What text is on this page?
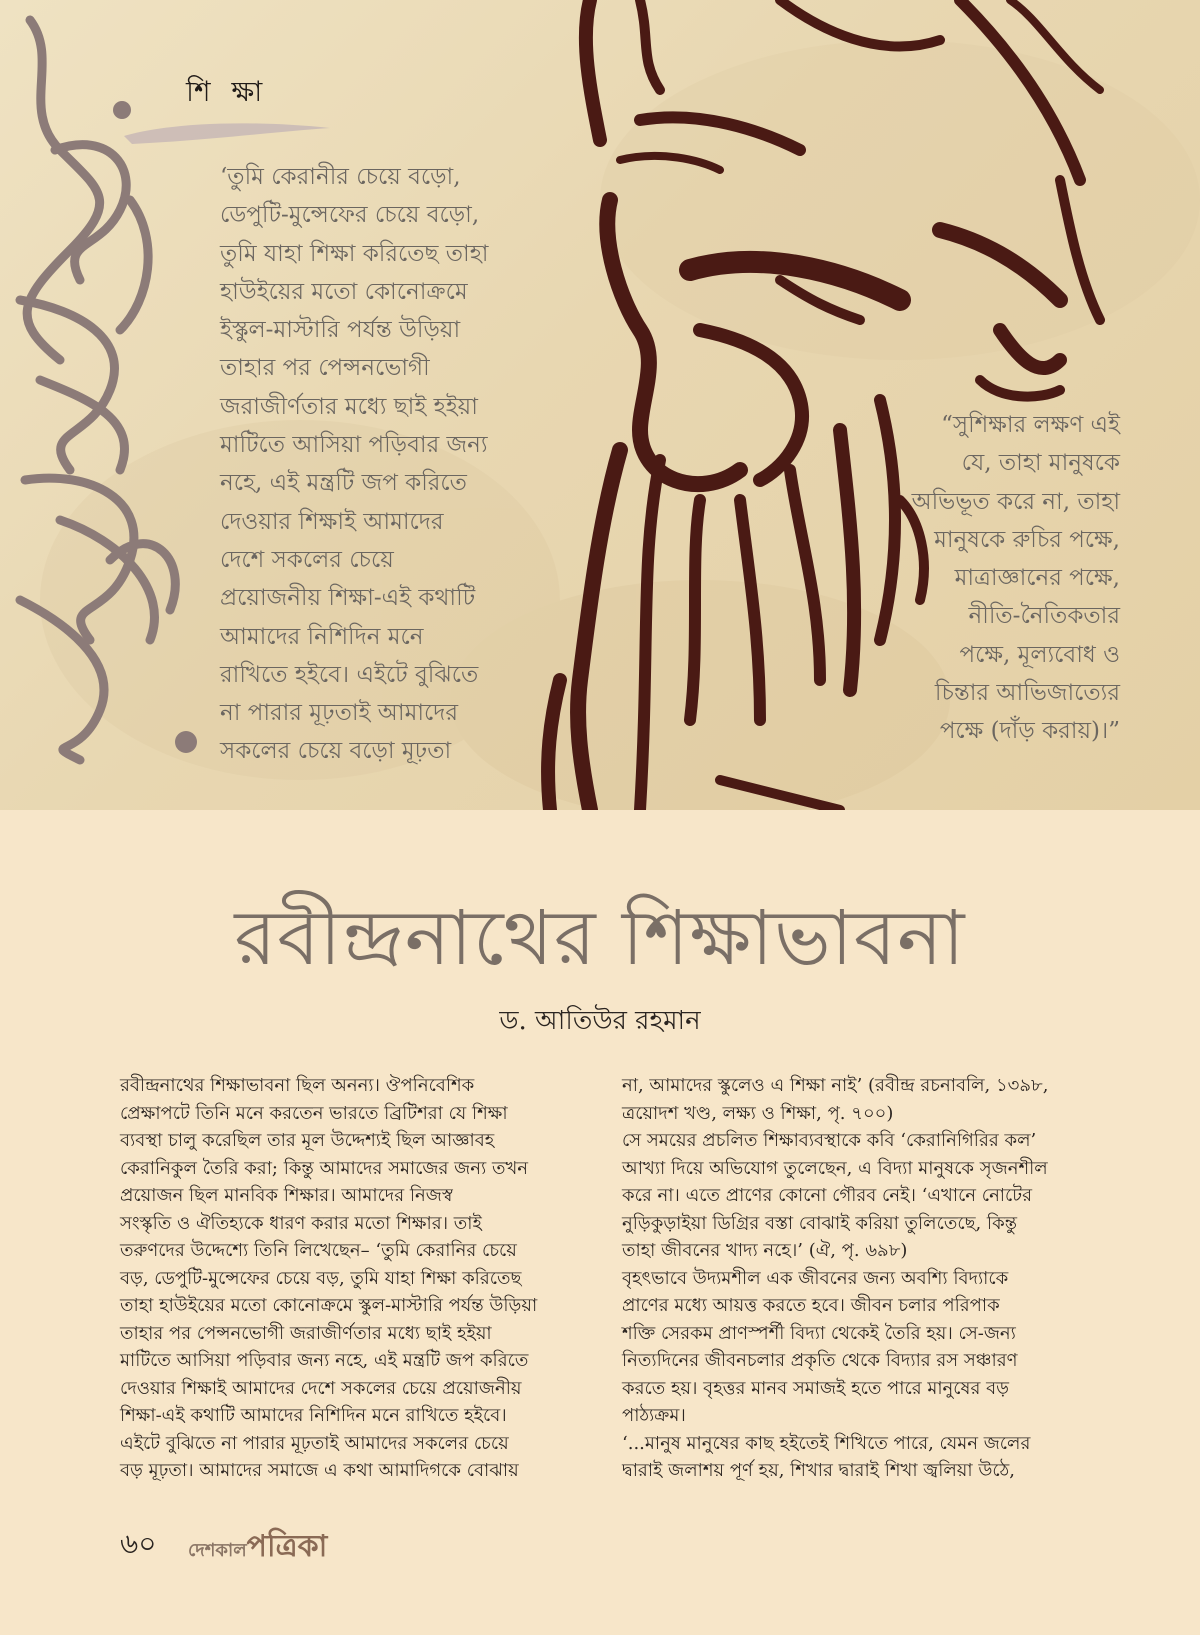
শি ক্ষা
‘তুমি কেরানীর চেয়ে বড়ো,
ডেপুটি-মুন্সেফের চেয়ে বড়ো,
তুমি যাহা শিক্ষা করিতেছ তাহা
হাউইয়ের মতো কোনোক্রমে
ইস্কুল-মাস্টারি পর্যন্ত উড়িয়া
তাহার পর পেন্সনভোগী
জরাজীর্ণতার মধ্যে ছাই হইয়া
মাটিতে আসিয়া পড়িবার জন্য
নহে, এই মন্ত্রটি জপ করিতে
দেওয়ার শিক্ষাই আমাদের
দেশে সকলের চেয়ে
প্রয়োজনীয় শিক্ষা-এই কথাটি
আমাদের নিশিদিন মনে
রাখিতে হইবে। এইটে বুঝিতে
না পারার মূঢ়তাই আমাদের
সকলের চেয়ে বড়ো মূঢ়তা
“সুশিক্ষার লক্ষণ এই
যে, তাহা মানুষকে
অভিভূত করে না, তাহা
মানুষকে রুচির পক্ষে,
মাত্রাজ্ঞানের পক্ষে,
নীতি-নৈতিকতার
পক্ষে, মূল্যবোধ ও
চিন্তার আভিজাত্যের
পক্ষে (দাঁড় করায়)।”
রবীন্দ্রনাথের শিক্ষাভাবনা
ড. আতিউর রহমান
রবীন্দ্রনাথের শিক্ষাভাবনা ছিল অনন্য। ঔপনিবেশিক
প্রেক্ষাপটে তিনি মনে করতেন ভারতে ব্রিটিশরা যে শিক্ষা
ব্যবস্থা চালু করেছিল তার মূল উদ্দেশ্যই ছিল আজ্ঞাবহ
কেরানিকুল তৈরি করা; কিন্তু আমাদের সমাজের জন্য তখন
প্রয়োজন ছিল মানবিক শিক্ষার। আমাদের নিজস্ব
সংস্কৃতি ও ঐতিহ্যকে ধারণ করার মতো শিক্ষার। তাই
তরুণদের উদ্দেশ্যে তিনি লিখেছেন– ‘তুমি কেরানির চেয়ে
বড়, ডেপুটি-মুন্সেফের চেয়ে বড়, তুমি যাহা শিক্ষা করিতেছ
তাহা হাউইয়ের মতো কোনোক্রমে স্কুল-মাস্টারি পর্যন্ত উড়িয়া
তাহার পর পেন্সনভোগী জরাজীর্ণতার মধ্যে ছাই হইয়া
মাটিতে আসিয়া পড়িবার জন্য নহে, এই মন্ত্রটি জপ করিতে
দেওয়ার শিক্ষাই আমাদের দেশে সকলের চেয়ে প্রয়োজনীয়
শিক্ষা-এই কথাটি আমাদের নিশিদিন মনে রাখিতে হইবে।
এইটে বুঝিতে না পারার মূঢ়তাই আমাদের সকলের চেয়ে
বড় মূঢ়তা। আমাদের সমাজে এ কথা আমাদিগকে বোঝায়
না, আমাদের স্কুলেও এ শিক্ষা নাই’ (রবীন্দ্র রচনাবলি, ১৩৯৮,
ত্রয়োদশ খণ্ড, লক্ষ্য ও শিক্ষা, পৃ. ৭০০)
সে সময়ের প্রচলিত শিক্ষাব্যবস্থাকে কবি ‘কেরানিগিরির কল’
আখ্যা দিয়ে অভিযোগ তুলেছেন, এ বিদ্যা মানুষকে সৃজনশীল
করে না। এতে প্রাণের কোনো গৌরব নেই। ‘এখানে নোটের
নুড়িকুড়াইয়া ডিগ্রির বস্তা বোঝাই করিয়া তুলিতেছে, কিন্তু
তাহা জীবনের খাদ্য নহে।’ (ঐ, পৃ. ৬৯৮)
বৃহৎভাবে উদ্যমশীল এক জীবনের জন্য অবশ্যি বিদ্যাকে
প্রাণের মধ্যে আয়ত্ত করতে হবে। জীবন চলার পরিপাক
শক্তি সেরকম প্রাণস্পর্শী বিদ্যা থেকেই তৈরি হয়। সে-জন্য
নিত্যদিনের জীবনচলার প্রকৃতি থেকে বিদ্যার রস সঞ্চারণ
করতে হয়। বৃহত্তর মানব সমাজই হতে পারে মানুষের বড়
পাঠ্যক্রম।
‘...মানুষ মানুষের কাছ হইতেই শিখিতে পারে, যেমন জলের
দ্বারাই জলাশয় পূর্ণ হয়, শিখার দ্বারাই শিখা জ্বলিয়া উঠে,
৬০ দেশকালপত্রিকা
